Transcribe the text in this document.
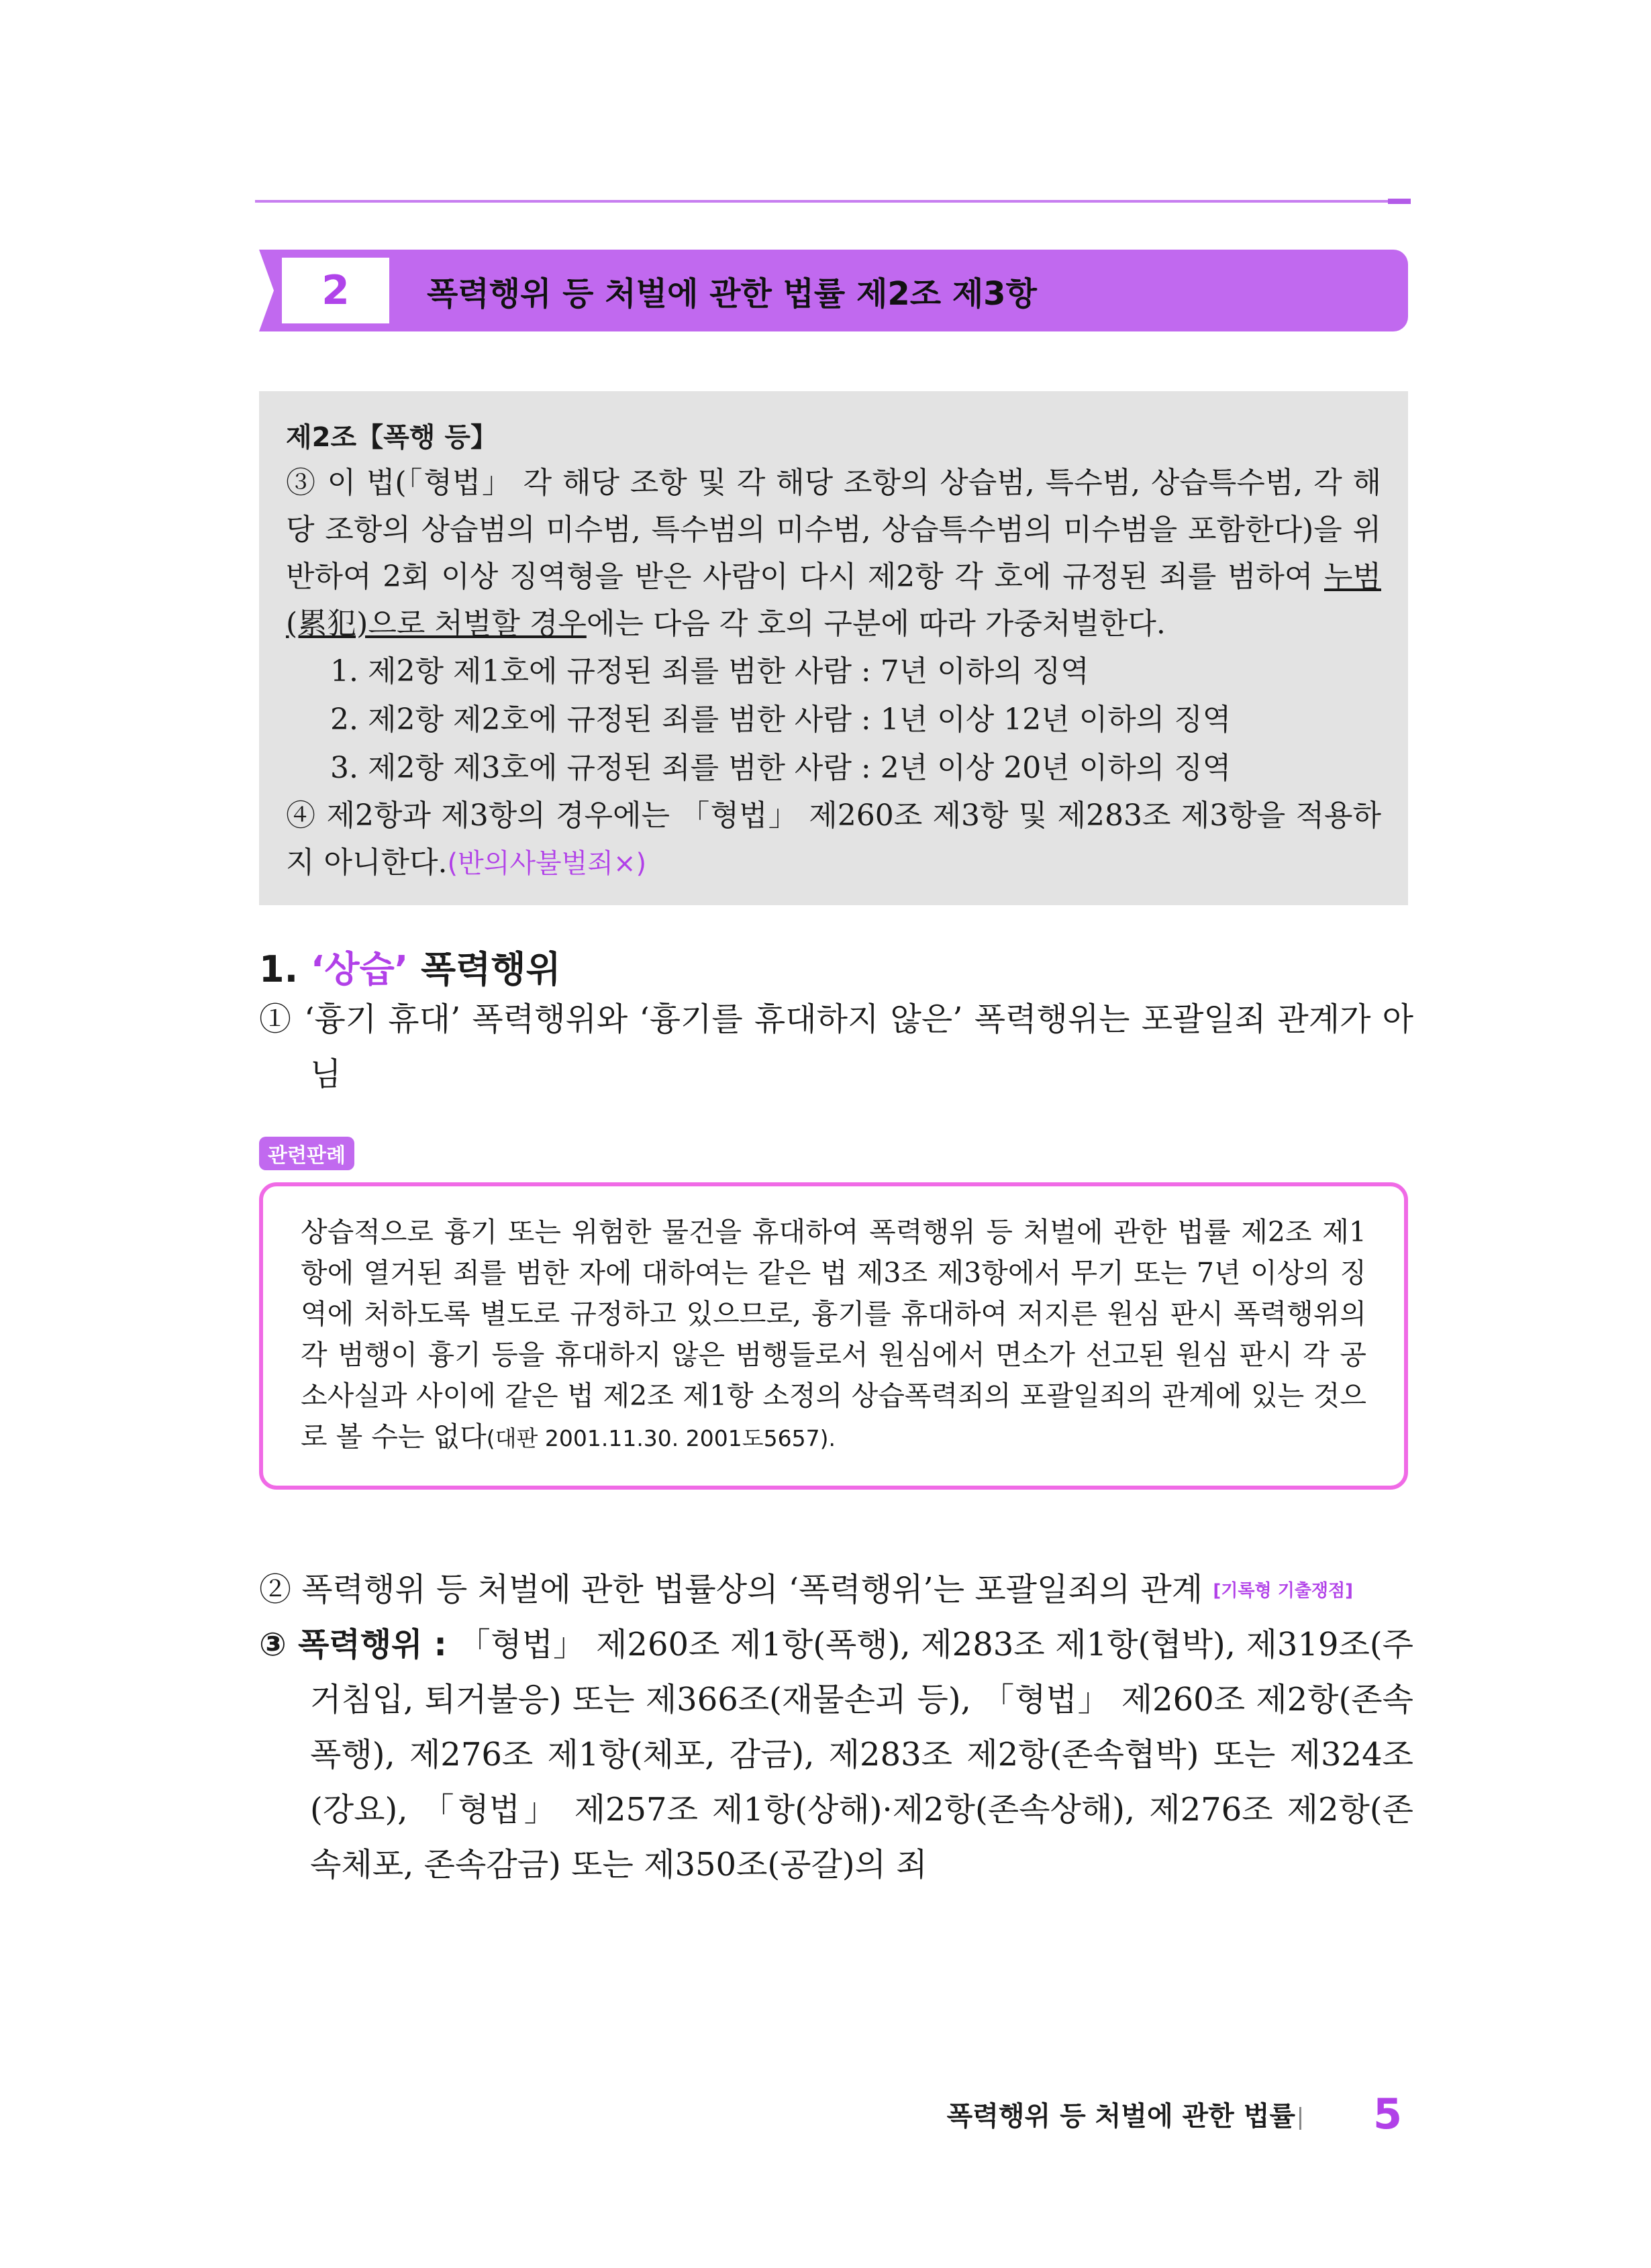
2	폭력행위 등 처벌에 관한 법률 제2조 제3항
제2조【폭행 등】
③ 이 법(「형법」 각 해당 조항 및 각 해당 조항의 상습범, 특수범, 상습특수범, 각 해당 조항의 상습범의 미수범, 특수범의 미수범, 상습특수범의 미수범을 포함한다)을 위반하여 2회 이상 징역형을 받은 사람이 다시 제2항 각 호에 규정된 죄를 범하여 누범(累犯)으로 처벌할 경우에는 다음 각 호의 구분에 따라 가중처벌한다.
1. 제2항 제1호에 규정된 죄를 범한 사람 : 7년 이하의 징역
2. 제2항 제2호에 규정된 죄를 범한 사람 : 1년 이상 12년 이하의 징역
3. 제2항 제3호에 규정된 죄를 범한 사람 : 2년 이상 20년 이하의 징역
④ 제2항과 제3항의 경우에는 「형법」 제260조 제3항 및 제283조 제3항을 적용하지 아니한다.(반의사불벌죄×)
1. ‘상습’ 폭력행위
① ‘흉기 휴대’ 폭력행위와 ‘흉기를 휴대하지 않은’ 폭력행위는 포괄일죄 관계가 아님
관련판례
상습적으로 흉기 또는 위험한 물건을 휴대하여 폭력행위 등 처벌에 관한 법률 제2조 제1항에 열거된 죄를 범한 자에 대하여는 같은 법 제3조 제3항에서 무기 또는 7년 이상의 징역에 처하도록 별도로 규정하고 있으므로, 흉기를 휴대하여 저지른 원심 판시 폭력행위의 각 범행이 흉기 등을 휴대하지 않은 범행들로서 원심에서 면소가 선고된 원심 판시 각 공소사실과 사이에 같은 법 제2조 제1항 소정의 상습폭력죄의 포괄일죄의 관계에 있는 것으로 볼 수는 없다(대판 2001.11.30. 2001도5657).
② 폭력행위 등 처벌에 관한 법률상의 ‘폭력행위’는 포괄일죄의 관계 [기록형 기출쟁점]
③ 폭력행위 : 「형법」 제260조 제1항(폭행), 제283조 제1항(협박), 제319조(주거침입, 퇴거불응) 또는 제366조(재물손괴 등), 「형법」 제260조 제2항(존속폭행), 제276조 제1항(체포, 감금), 제283조 제2항(존속협박) 또는 제324조(강요), 「형법」 제257조 제1항(상해)·제2항(존속상해), 제276조 제2항(존속체포, 존속감금) 또는 제350조(공갈)의 죄
폭력행위 등 처벌에 관한 법률 5
